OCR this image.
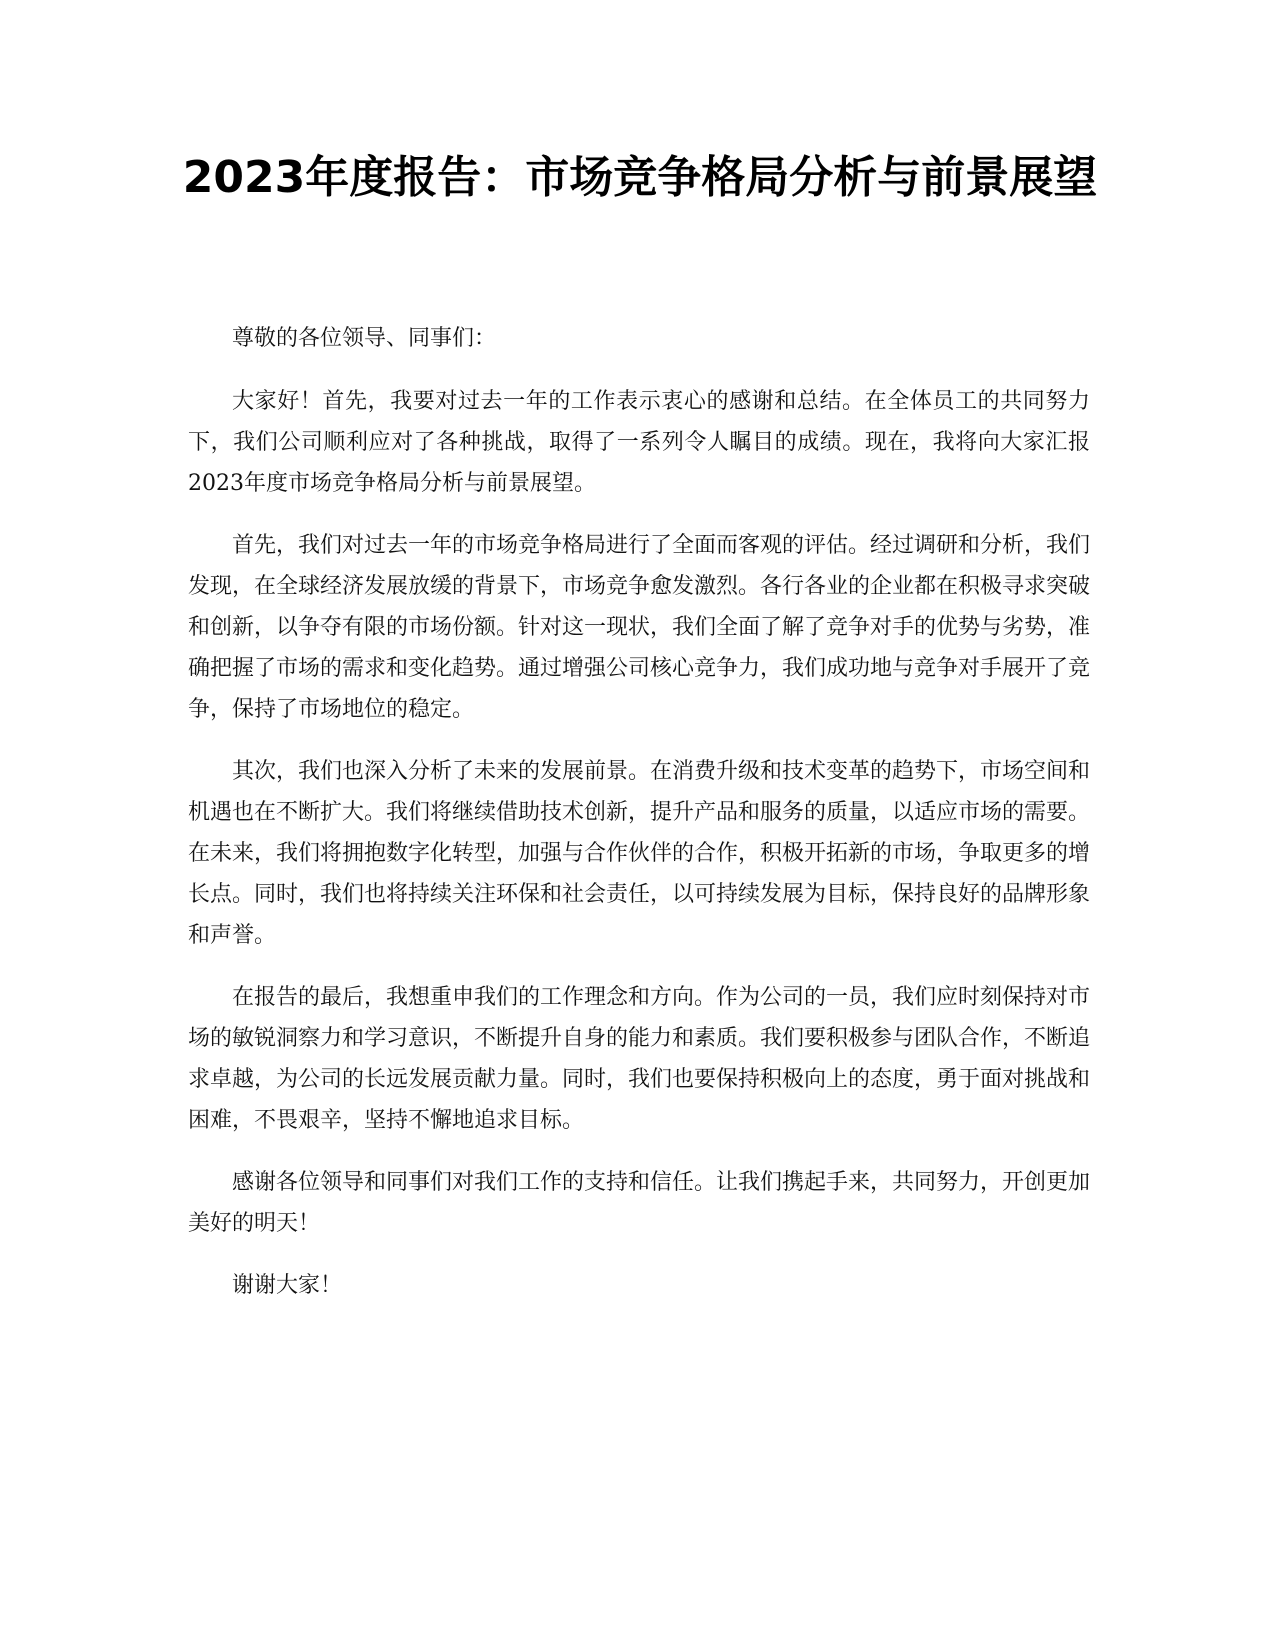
2023年度报告：市场竞争格局分析与前景展望

尊敬的各位领导、同事们：

大家好！首先，我要对过去一年的工作表示衷心的感谢和总结。在全体员工的共同努力下，我们公司顺利应对了各种挑战，取得了一系列令人瞩目的成绩。现在，我将向大家汇报2023年度市场竞争格局分析与前景展望。

首先，我们对过去一年的市场竞争格局进行了全面而客观的评估。经过调研和分析，我们发现，在全球经济发展放缓的背景下，市场竞争愈发激烈。各行各业的企业都在积极寻求突破和创新，以争夺有限的市场份额。针对这一现状，我们全面了解了竞争对手的优势与劣势，准确把握了市场的需求和变化趋势。通过增强公司核心竞争力，我们成功地与竞争对手展开了竞争，保持了市场地位的稳定。

其次，我们也深入分析了未来的发展前景。在消费升级和技术变革的趋势下，市场空间和机遇也在不断扩大。我们将继续借助技术创新，提升产品和服务的质量，以适应市场的需要。在未来，我们将拥抱数字化转型，加强与合作伙伴的合作，积极开拓新的市场，争取更多的增长点。同时，我们也将持续关注环保和社会责任，以可持续发展为目标，保持良好的品牌形象和声誉。

在报告的最后，我想重申我们的工作理念和方向。作为公司的一员，我们应时刻保持对市场的敏锐洞察力和学习意识，不断提升自身的能力和素质。我们要积极参与团队合作，不断追求卓越，为公司的长远发展贡献力量。同时，我们也要保持积极向上的态度，勇于面对挑战和困难，不畏艰辛，坚持不懈地追求目标。

感谢各位领导和同事们对我们工作的支持和信任。让我们携起手来，共同努力，开创更加美好的明天！

谢谢大家！
